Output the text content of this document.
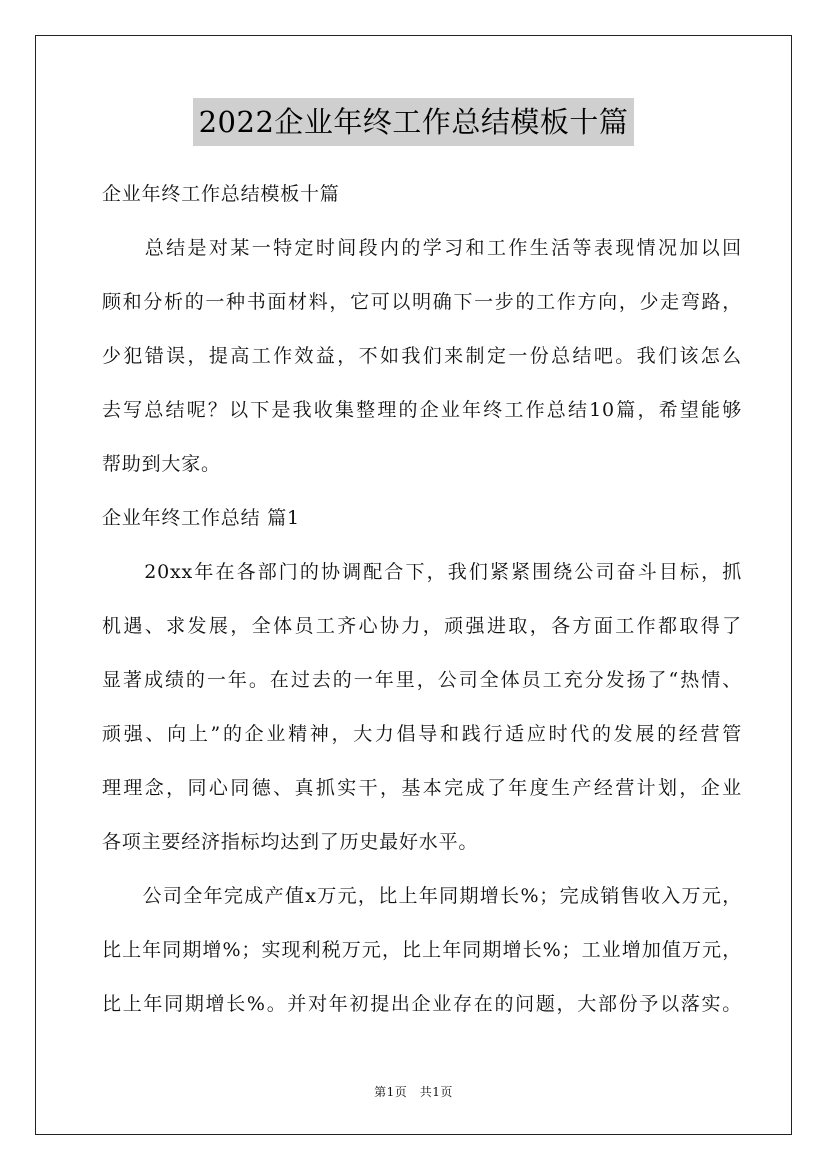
2022企业年终工作总结模板十篇
企业年终工作总结模板十篇
　　总结是对某一特定时间段内的学习和工作生活等表现情况加以回
顾和分析的一种书面材料，它可以明确下一步的工作方向，少走弯路，
少犯错误，提高工作效益，不如我们来制定一份总结吧。我们该怎么
去写总结呢？以下是我收集整理的企业年终工作总结10篇，希望能够
帮助到大家。
企业年终工作总结 篇1
　　20xx年在各部门的协调配合下，我们紧紧围绕公司奋斗目标，抓
机遇、求发展，全体员工齐心协力，顽强进取，各方面工作都取得了
显著成绩的一年。在过去的一年里，公司全体员工充分发扬了“热情、
顽强、向上”的企业精神，大力倡导和践行适应时代的发展的经营管
理理念，同心同德、真抓实干，基本完成了年度生产经营计划，企业
各项主要经济指标均达到了历史最好水平。
　　公司全年完成产值x万元，比上年同期增长%；完成销售收入万元，
比上年同期增%；实现利税万元，比上年同期增长%；工业增加值万元，
比上年同期增长%。并对年初提出企业存在的问题，大部份予以落实。
第1页　共1页
